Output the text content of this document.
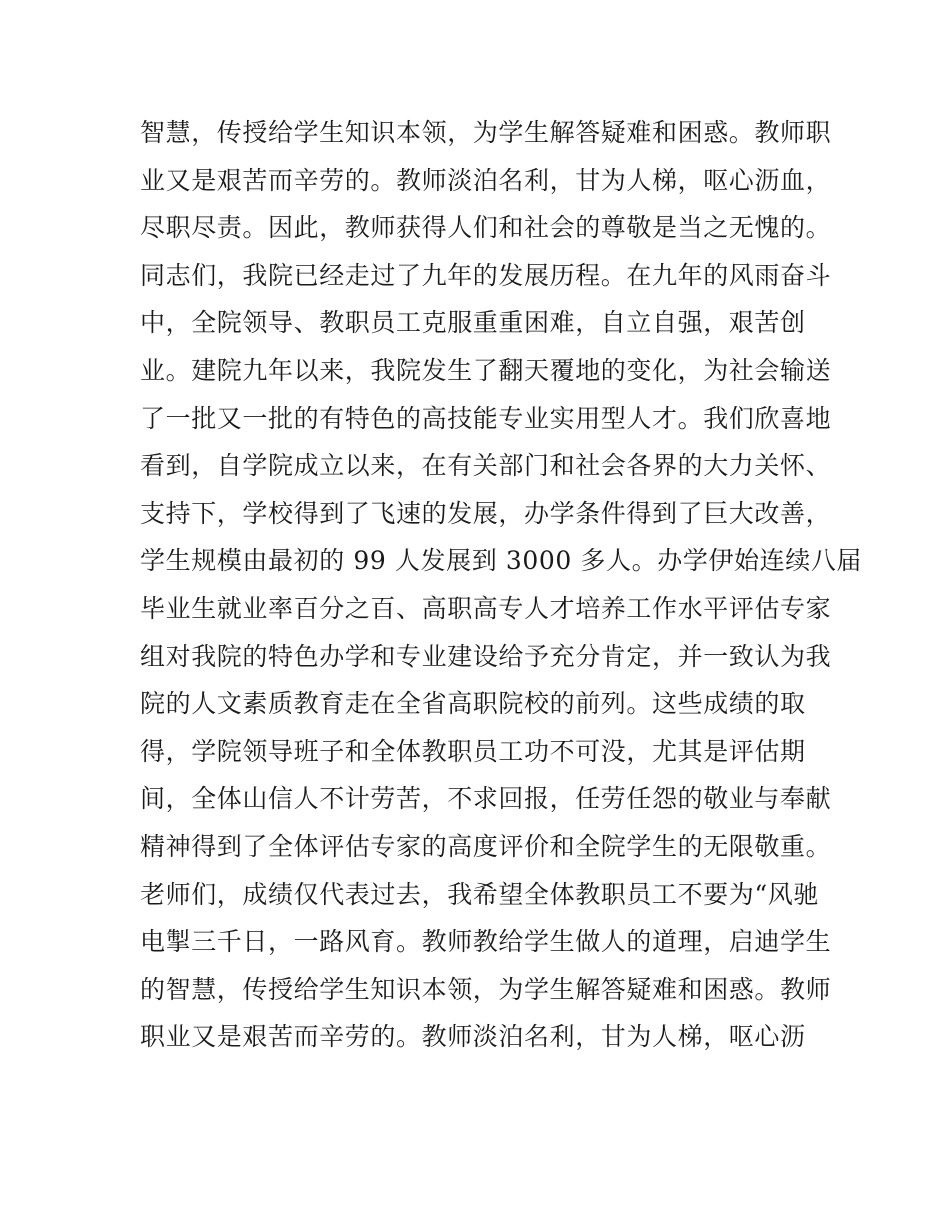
智慧，传授给学生知识本领，为学生解答疑难和困惑。教师职
业又是艰苦而辛劳的。教师淡泊名利，甘为人梯，呕心沥血，
尽职尽责。因此，教师获得人们和社会的尊敬是当之无愧的。
同志们，我院已经走过了九年的发展历程。在九年的风雨奋斗
中，全院领导、教职员工克服重重困难，自立自强，艰苦创
业。建院九年以来，我院发生了翻天覆地的变化，为社会输送
了一批又一批的有特色的高技能专业实用型人才。我们欣喜地
看到，自学院成立以来，在有关部门和社会各界的大力关怀、
支持下，学校得到了飞速的发展，办学条件得到了巨大改善，
学生规模由最初的 99 人发展到 3000 多人。办学伊始连续八届
毕业生就业率百分之百、高职高专人才培养工作水平评估专家
组对我院的特色办学和专业建设给予充分肯定，并一致认为我
院的人文素质教育走在全省高职院校的前列。这些成绩的取
得，学院领导班子和全体教职员工功不可没，尤其是评估期
间，全体山信人不计劳苦，不求回报，任劳任怨的敬业与奉献
精神得到了全体评估专家的高度评价和全院学生的无限敬重。
老师们，成绩仅代表过去，我希望全体教职员工不要为“风驰
电掣三千日，一路风育。教师教给学生做人的道理，启迪学生
的智慧，传授给学生知识本领，为学生解答疑难和困惑。教师
职业又是艰苦而辛劳的。教师淡泊名利，甘为人梯，呕心沥
